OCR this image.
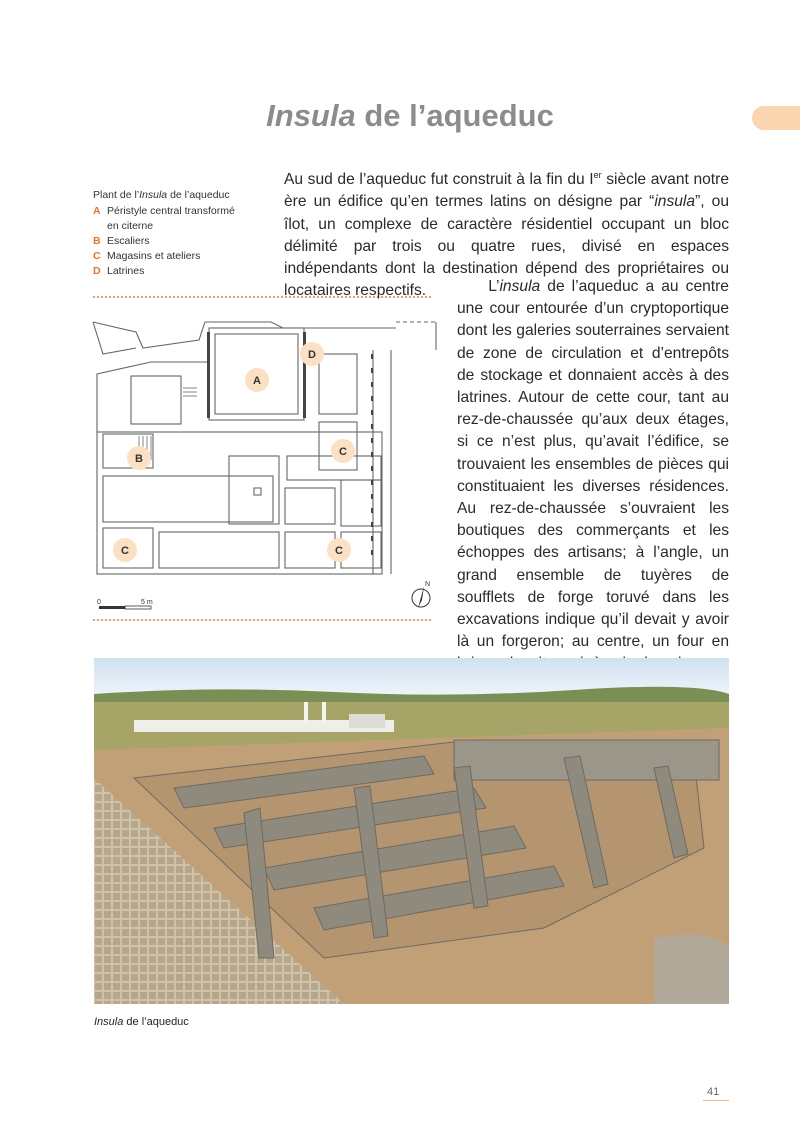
Insula de l’aqueduc
Plant de l’Insula de l’aqueduc
A Péristyle central transformé
en citerne
B Escaliers
C Magasins et ateliers
D Latrines
A
B
C
C	C
D
0	5 m
N

Au sud de l’aqueduc fut construit à la fin du Ier siècle avant notre ère un édifice qu’en termes latins on désigne par “insula”, ou îlot, un complexe de caractère résidentiel occupant un bloc délimité par trois ou quatre rues, divisé en espaces indépendants dont la destination dépend des propriétaires ou locataires respectifs.	L’insula de l’aqueduc a au centre une cour entourée d’un cryptoportique dont les galeries souterraines servaient de zone de circulation et d’entrepôts de stockage et donnaient accès à des latrines. Autour de cette cour, tant au rez-de-chaussée qu’aux deux étages, si ce n’est plus, qu’avait l’édifice, se trouvaient les ensembles de pièces qui constituaient les diverses résidences. Au rez-de-chaussée s’ouvraient les boutiques des commerçants et les échoppes des artisans; à l’angle, un grand ensemble de tuyères de soufflets de forge toruvé dans les excavations indique qu’il devait y avoir là un forgeron; au centre, un four en

Insula de l’aqueduc
41
